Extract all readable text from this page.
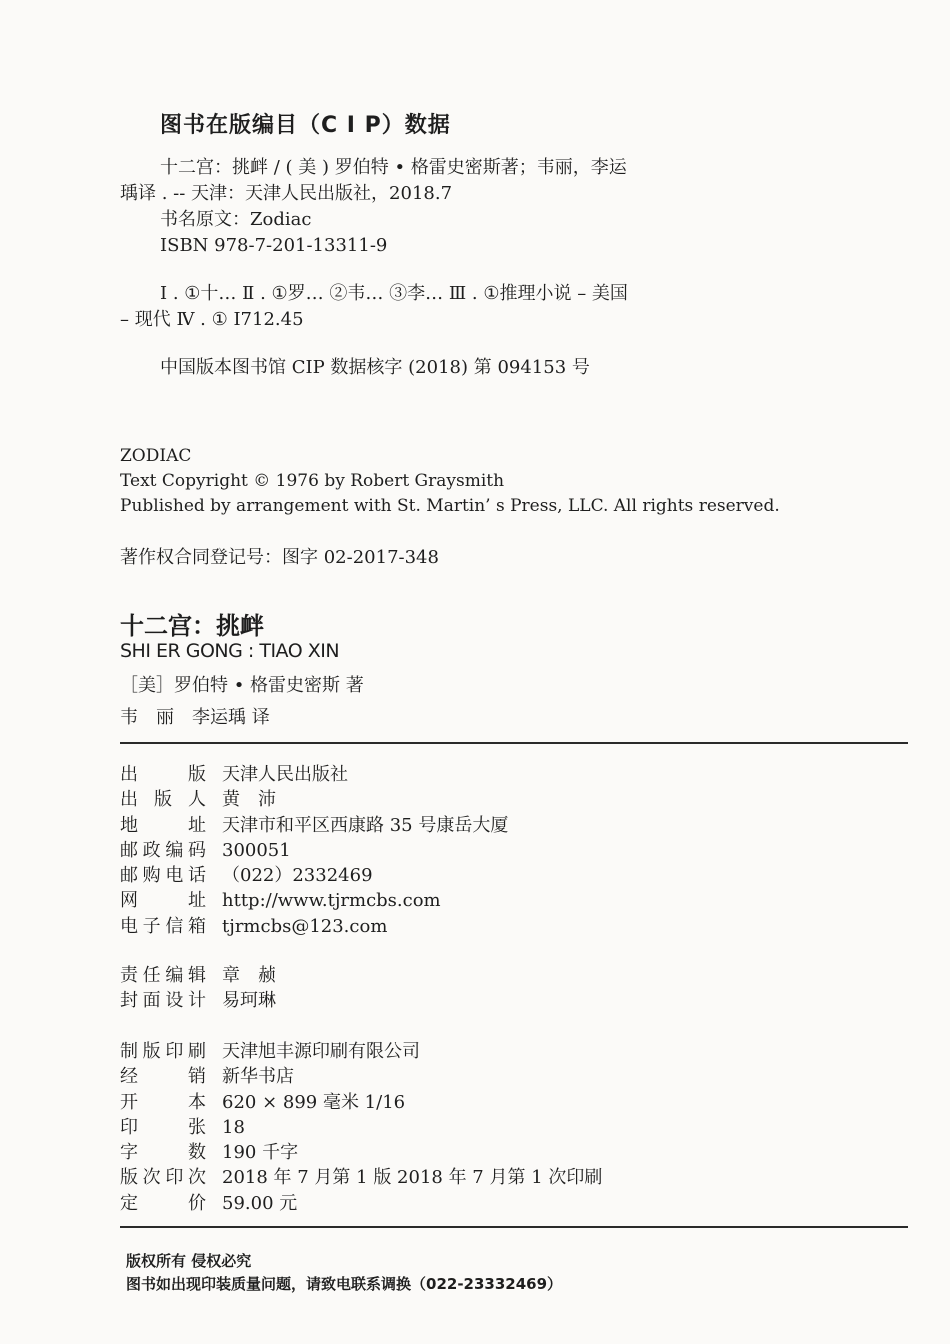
图书在版编目（C I P）数据

十二宫：挑衅 / ( 美 ) 罗伯特 • 格雷史密斯著；韦丽，李运瑀译 . -- 天津：天津人民出版社，2018.7

书名原文：Zodiac

ISBN 978-7-201-13311-9

Ⅰ . ①十… Ⅱ . ①罗… ②韦… ③李… Ⅲ . ①推理小说 – 美国 – 现代 Ⅳ . ① I712.45

中国版本图书馆 CIP 数据核字 (2018) 第 094153 号

ZODIAC
Text Copyright © 1976 by Robert Graysmith
Published by arrangement with St. Martin’ s Press, LLC. All rights reserved.
著作权合同登记号：图字 02-2017-348
十二宫：挑衅
SHI ER GONG : TIAO XIN
［美］罗伯特 • 格雷史密斯 著
韦　丽　李运瑀 译
出	版 天津人民出版社
出 版 人 黄　沛
地	址 天津市和平区西康路 35 号康岳大厦
邮 政 编 码 300051
邮 购 电 话 （022）2332469
网	址 http://www.tjrmcbs.com
电 子 信 箱 tjrmcbs@123.com
责 任 编 辑 章　赪
封 面 设 计 易珂琳
制 版 印 刷 天津旭丰源印刷有限公司
经	销 新华书店
开	本 620 × 899 毫米 1/16
印	张 18
字	数 190 千字
版 次 印 次 2018 年 7 月第 1 版 2018 年 7 月第 1 次印刷
定	价 59.00 元
版权所有 侵权必究
图书如出现印装质量问题，请致电联系调换（022-23332469）
